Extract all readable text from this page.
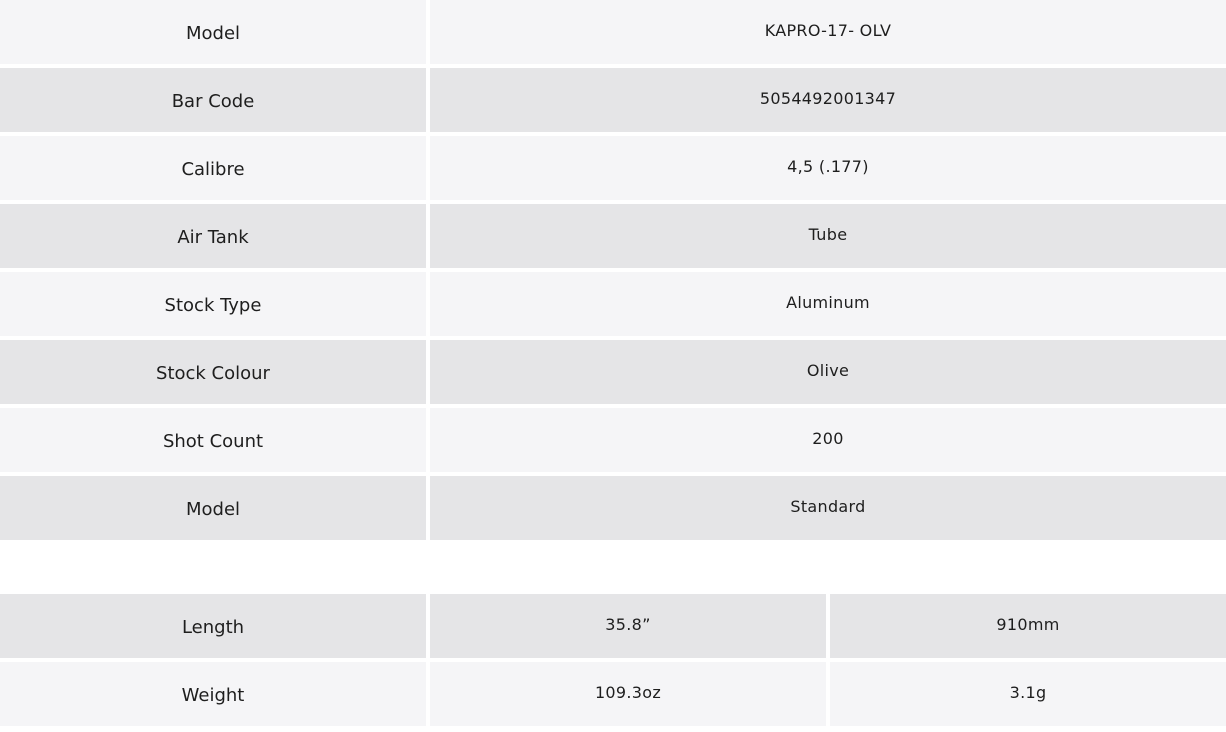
Model	KAPRO-17- OLV
Bar Code	5054492001347
Calibre	4,5 (.177)
Air Tank	Tube
Stock Type	Aluminum
Stock Colour	Olive
Shot Count	200
Model	Standard
Length	35.8”	910mm
Weight	109.3oz	3.1g
